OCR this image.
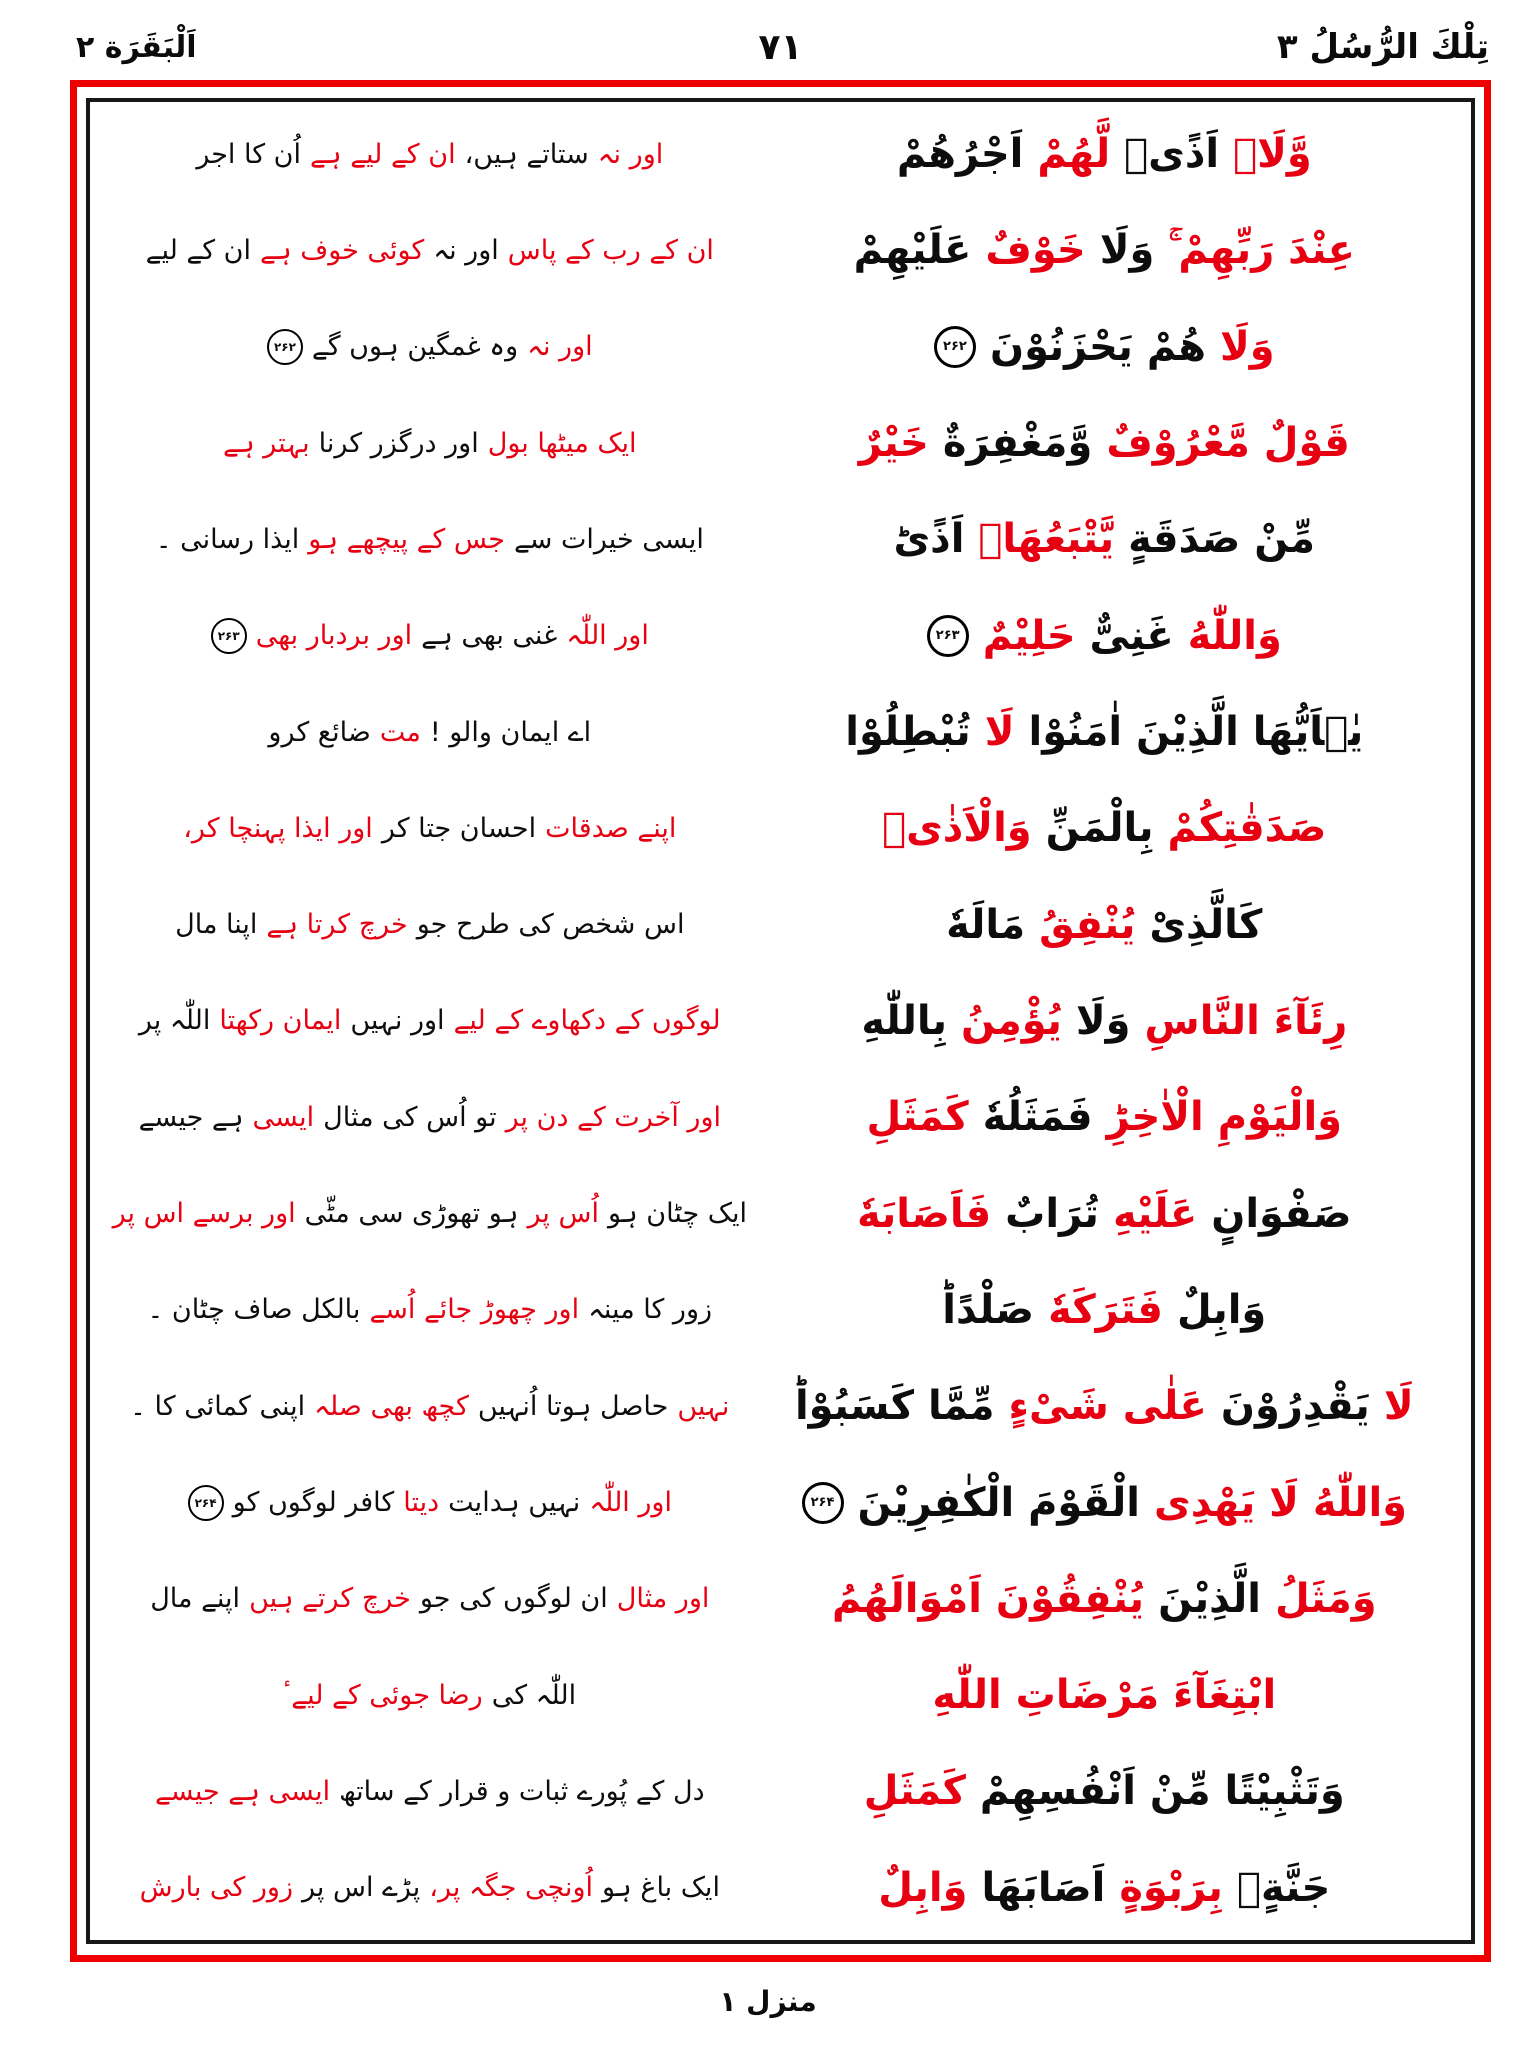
تِلْكَ الرُّسُلُ ۳
۷۱
اَلْبَقَرَة ۲
وَّلَاۤ
اَذًیۙ
لَّهُمْ
اَجْرُهُمْ
اور نہ
ستاتے ہیں،
ان کے لیے ہے
اُن کا اجر
عِنْدَ رَبِّهِمْ ۚ
وَلَا
خَوْفٌ
عَلَيْهِمْ
ان کے رب کے پاس
اور نہ
کوئی خوف ہے
ان کے لیے
وَلَا
هُمْ يَحْزَنُوْنَ
۲۶۲
اور نہ
وہ غمگین ہوں گے
۲۶۲
قَوْلٌ مَّعْرُوْفٌ
وَّمَغْفِرَةٌ
خَيْرٌ
ایک میٹھا بول
اور درگزر کرنا
بہتر ہے
مِّنْ صَدَقَةٍ
يَّتْبَعُهَاۤ
اَذًیؕ
ایسی خیرات سے
جس کے پیچھے ہو
ایذا رسانی ۔
وَاللّٰهُ
غَنِیٌّ
حَلِيْمٌ
۲۶۳
اور اللّٰہ
غنی بھی ہے
اور بردبار بھی
۲۶۳
يٰۤاَيُّهَا الَّذِيْنَ اٰمَنُوْا
لَا
تُبْطِلُوْا
اے ایمان والو !
مت
ضائع کرو
صَدَقٰتِكُمْ
بِالْمَنِّ
وَالْاَذٰیۙ
اپنے صدقات
احسان جتا کر
اور ایذا پہنچا کر،
كَالَّذِیْ
يُنْفِقُ
مَالَهٗ
اس شخص کی طرح جو
خرچ کرتا ہے
اپنا مال
رِئَآءَ النَّاسِ
وَلَا
يُؤْمِنُ
بِاللّٰهِ
لوگوں کے دکھاوے کے لیے
اور نہیں
ایمان رکھتا
اللّٰہ پر
وَالْيَوْمِ الْاٰخِرِؕ
فَمَثَلُهٗ
كَمَثَلِ
اور آخرت کے دن پر
تو اُس کی مثال
ایسی
ہے جیسے
صَفْوَانٍ
عَلَيْهِ
تُرَابٌ
فَاَصَابَهٗ
ایک چٹان ہو
اُس پر
ہو تھوڑی سی مٹّی
اور برسے اس پر
وَابِلٌ
فَتَرَكَهٗ
صَلْدًاؕ
زور کا مینہ
اور چھوڑ جائے اُسے
بالکل صاف چٹان ۔
لَا
يَقْدِرُوْنَ
عَلٰی شَیْءٍ
مِّمَّا كَسَبُوْاؕ
نہیں
حاصل ہوتا اُنہیں
کچھ بھی صلہ
اپنی کمائی کا ۔
وَاللّٰهُ لَا يَهْدِی
الْقَوْمَ الْكٰفِرِيْنَ
۲۶۴
اور اللّٰہ
نہیں ہدایت
دیتا
کافر لوگوں کو
۲۶۴
وَمَثَلُ
الَّذِيْنَ
يُنْفِقُوْنَ اَمْوَالَهُمُ
اور مثال
ان لوگوں کی جو
خرچ کرتے ہیں
اپنے مال
ابْتِغَآءَ مَرْضَاتِ اللّٰهِ
اللّٰہ کی
رضا جوئی کے لیےٴ
وَتَثْبِيْتًا مِّنْ اَنْفُسِهِمْ
كَمَثَلِ
دل کے پُورے ثبات و قرار کے ساتھ
ایسی ہے جیسے
جَنَّةٍۭ
بِرَبْوَةٍ
اَصَابَهَا
وَابِلٌ
ایک باغ ہو
اُونچی جگہ پر،
پڑے اس پر
زور کی بارش
منزل ۱
